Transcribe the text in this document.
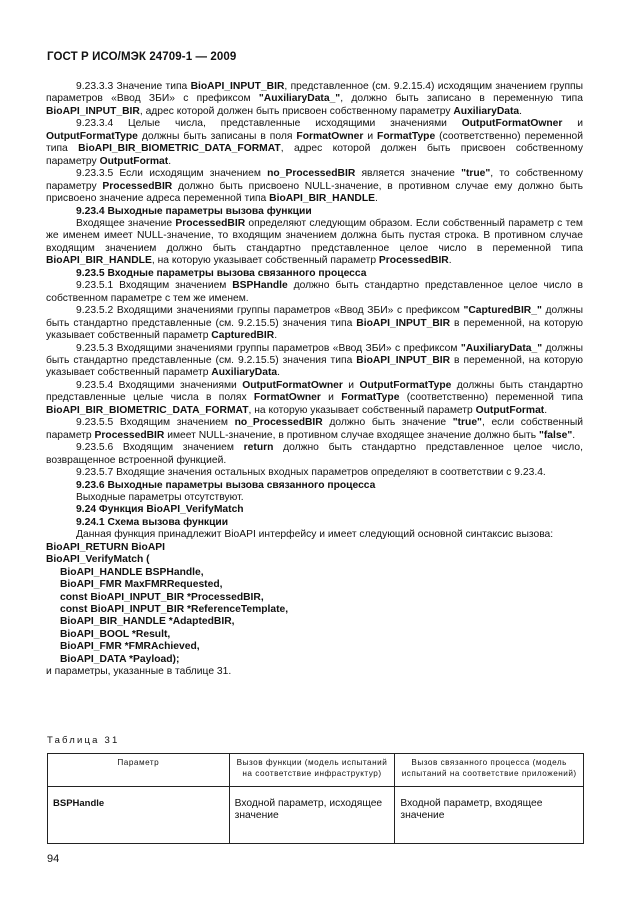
ГОСТ Р ИСО/МЭК 24709-1 — 2009

9.23.3.3 Значение типа BioAPI_INPUT_BIR, представленное (см. 9.2.15.4) исходящим значением группы параметров «Ввод ЗБИ» с префиксом "AuxiliaryData_", должно быть записано в переменную типа BioAPI_INPUT_BIR, адрес которой должен быть присвоен собственному параметру AuxiliaryData.

9.23.3.4 Целые числа, представленные исходящими значениями OutputFormatOwner и OutputFormatType должны быть записаны в поля FormatOwner и FormatType (соответственно) переменной типа BioAPI_BIR_BIOMETRIC_DATA_FORMAT, адрес которой должен быть присвоен собственному параметру OutputFormat.

9.23.3.5 Если исходящим значением no_ProcessedBIR является значение "true", то собственному параметру ProcessedBIR должно быть присвоено NULL-значение, в противном случае ему должно быть присвоено значение адреса переменной типа BioAPI_BIR_HANDLE.

9.23.4 Выходные параметры вызова функции

Входящее значение ProcessedBIR определяют следующим образом. Если собственный параметр с тем же именем имеет NULL-значение, то входящим значением должна быть пустая строка. В противном случае входящим значением должно быть стандартно представленное целое число в переменной типа BioAPI_BIR_HANDLE, на которую указывает собственный параметр ProcessedBIR.

9.23.5 Входные параметры вызова связанного процесса

9.23.5.1 Входящим значением BSPHandle должно быть стандартно представленное целое число в собственном параметре с тем же именем.

9.23.5.2 Входящими значениями группы параметров «Ввод ЗБИ» с префиксом "CapturedBIR_" должны быть стандартно представленные (см. 9.2.15.5) значения типа BioAPI_INPUT_BIR в переменной, на которую указывает собственный параметр CapturedBIR.

9.23.5.3 Входящими значениями группы параметров «Ввод ЗБИ» с префиксом "AuxiliaryData_" должны быть стандартно представленные (см. 9.2.15.5) значения типа BioAPI_INPUT_BIR в переменной, на которую указывает собственный параметр AuxiliaryData.

9.23.5.4 Входящими значениями OutputFormatOwner и OutputFormatType должны быть стандартно представленные целые числа в полях FormatOwner и FormatType (соответственно) переменной типа BioAPI_BIR_BIOMETRIC_DATA_FORMAT, на которую указывает собственный параметр OutputFormat.

9.23.5.5 Входящим значением no_ProcessedBIR должно быть значение "true", если собственный параметр ProcessedBIR имеет NULL-значение, в противном случае входящее значение должно быть "false".

9.23.5.6 Входящим значением return должно быть стандартно представленное целое число, возвращенное встроенной функцией.

9.23.5.7 Входящие значения остальных входных параметров определяют в соответствии с 9.23.4.

9.23.6 Выходные параметры вызова связанного процесса

Выходные параметры отсутствуют.

9.24 Функция BioAPI_VerifyMatch

9.24.1 Схема вызова функции

Данная функция принадлежит BioAPI интерфейсу и имеет следующий основной синтаксис вызова:

BioAPI_RETURN BioAPI

BioAPI_VerifyMatch (

BioAPI_HANDLE BSPHandle,

BioAPI_FMR MaxFMRRequested,

const BioAPI_INPUT_BIR *ProcessedBIR,

const BioAPI_INPUT_BIR *ReferenceTemplate,

BioAPI_BIR_HANDLE *AdaptedBIR,

BioAPI_BOOL *Result,

BioAPI_FMR *FMRAchieved,

BioAPI_DATA *Payload);

и параметры, указанные в таблице 31.

Таблица 31
Параметр	Вызов функции (модель испытаний на соответствие инфраструктур)	Вызов связанного процесса (модель испытаний на соответствие приложений)
BSPHandle	Входной параметр, исходящее значение	Входной параметр, входящее значение
94
